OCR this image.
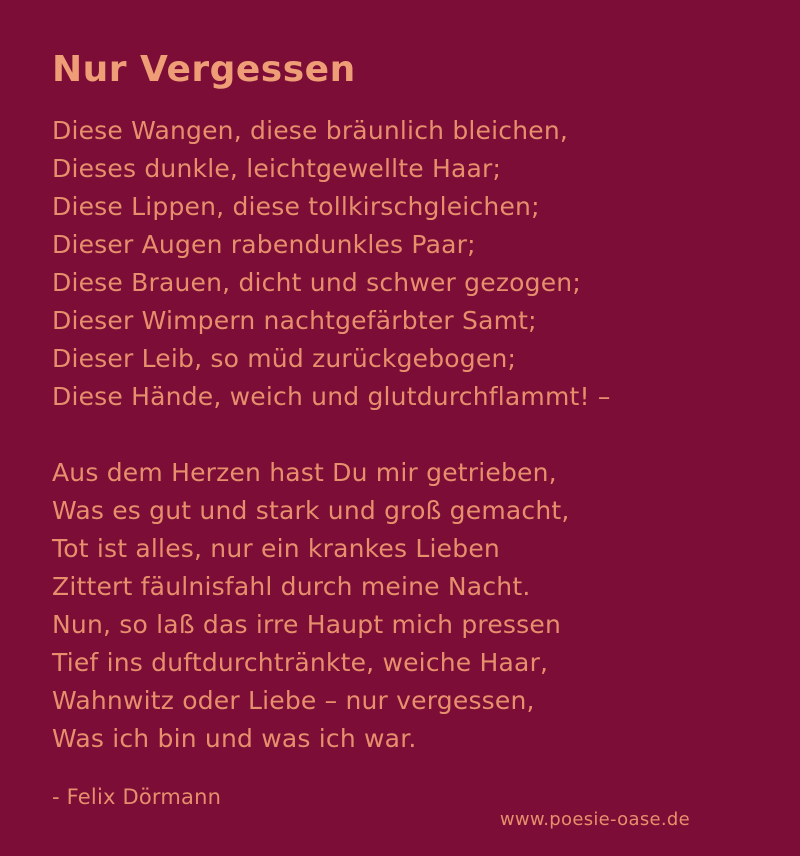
Nur Vergessen
Diese Wangen, diese bräunlich bleichen,
Dieses dunkle, leichtgewellte Haar;
Diese Lippen, diese tollkirschgleichen;
Dieser Augen rabendunkles Paar;
Diese Brauen, dicht und schwer gezogen;
Dieser Wimpern nachtgefärbter Samt;
Dieser Leib, so müd zurückgebogen;
Diese Hände, weich und glutdurchflammt! –
Aus dem Herzen hast Du mir getrieben,
Was es gut und stark und groß gemacht,
Tot ist alles, nur ein krankes Lieben
Zittert fäulnisfahl durch meine Nacht.
Nun, so laß das irre Haupt mich pressen
Tief ins duftdurchtränkte, weiche Haar,
Wahnwitz oder Liebe – nur vergessen,
Was ich bin und was ich war.
- Felix Dörmann
www.poesie-oase.de
